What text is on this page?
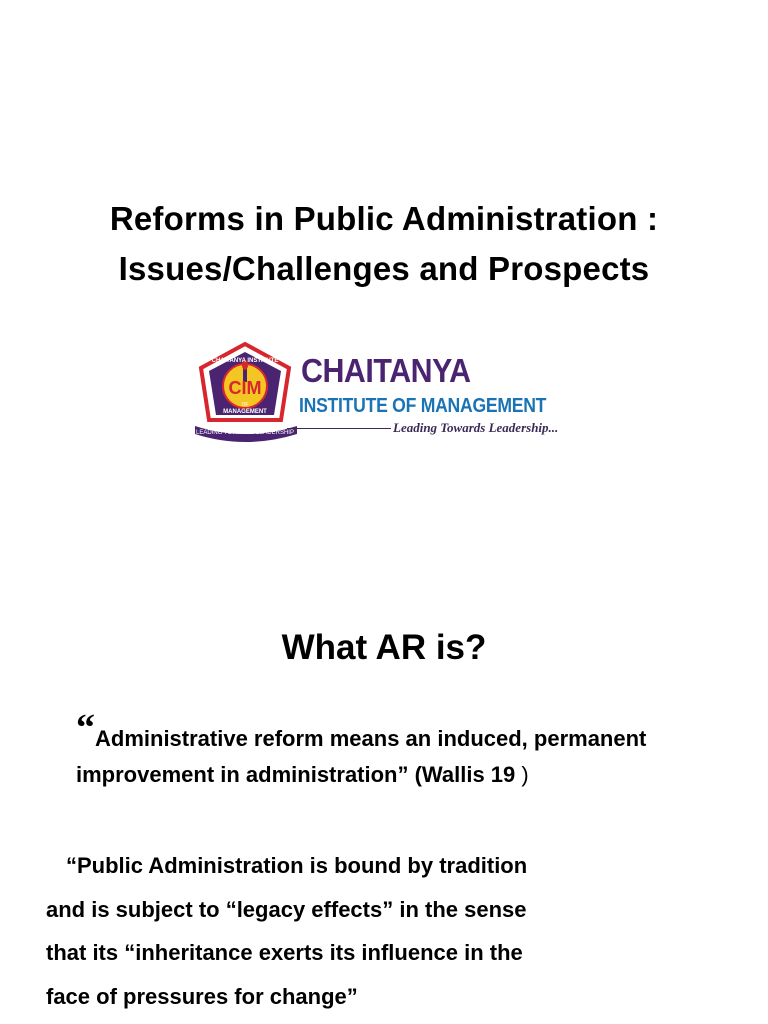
Reforms in Public Administration :
Issues/Challenges and Prospects
LEADING TOWARDS LEADERSHIP
CIM
OF
MANAGEMENT
CHAITANYA INSTITUTE CHAITANYA
INSTITUTE OF MANAGEMENT
Leading Towards Leadership...
What AR is?
“Administrative reform means an induced, permanent improvement in administration” (Wallis 19 )
“Public Administration is bound by tradition
and is subject to “legacy effects” in the sense
that its “inheritance exerts its influence in the
face of pressures for change”
